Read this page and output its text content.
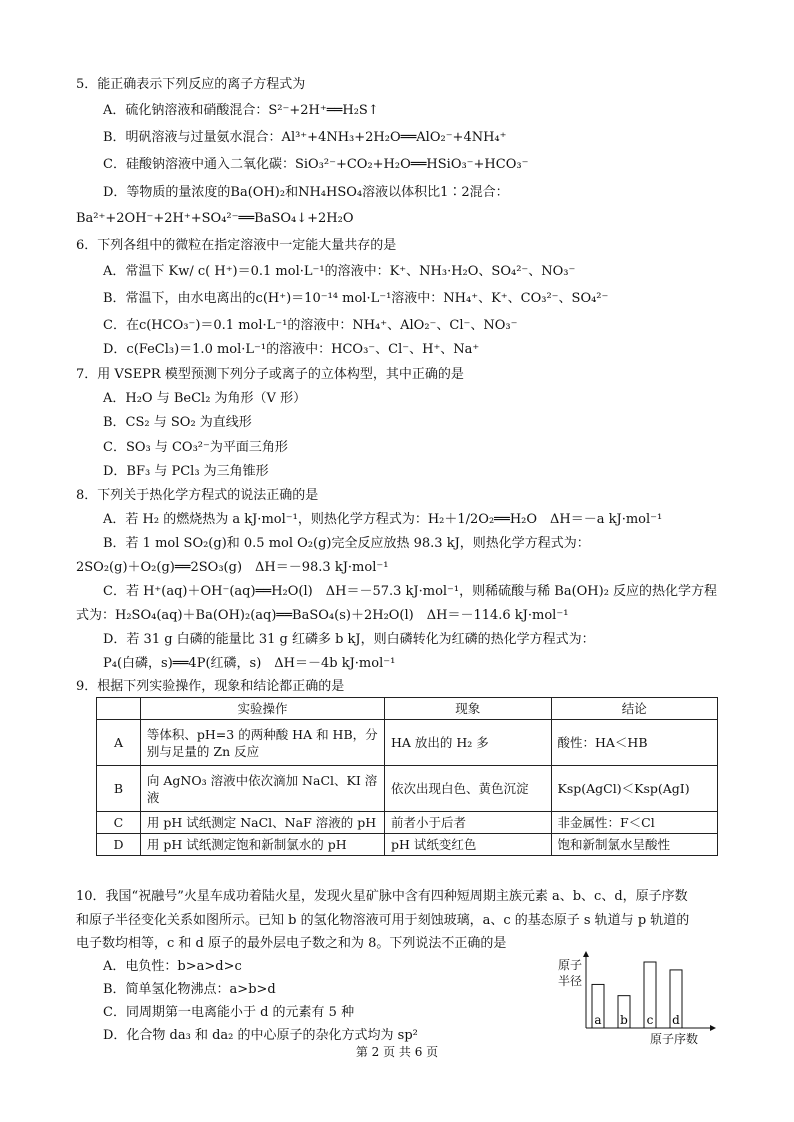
5．能正确表示下列反应的离子方程式为
A．硫化钠溶液和硝酸混合：S²⁻+2H⁺══H₂S↑
B．明矾溶液与过量氨水混合：Al³⁺+4NH₃+2H₂O══AlO₂⁻+4NH₄⁺
C．硅酸钠溶液中通入二氧化碳：SiO₃²⁻+CO₂+H₂O══HSiO₃⁻+HCO₃⁻
D．等物质的量浓度的Ba(OH)₂和NH₄HSO₄溶液以体积比1∶2混合：
Ba²⁺+2OH⁻+2H⁺+SO₄²⁻══BaSO₄↓+2H₂O
6．下列各组中的微粒在指定溶液中一定能大量共存的是
A．常温下 Kw/ c( H⁺)＝0.1 mol·L⁻¹的溶液中：K⁺、NH₃·H₂O、SO₄²⁻、NO₃⁻
B．常温下，由水电离出的c(H⁺)＝10⁻¹⁴ mol·L⁻¹溶液中：NH₄⁺、K⁺、CO₃²⁻、SO₄²⁻
C．在c(HCO₃⁻)＝0.1 mol·L⁻¹的溶液中：NH₄⁺、AlO₂⁻、Cl⁻、NO₃⁻
D．c(FeCl₃)＝1.0 mol·L⁻¹的溶液中：HCO₃⁻、Cl⁻、H⁺、Na⁺
7．用 VSEPR 模型预测下列分子或离子的立体构型，其中正确的是
A．H₂O 与 BeCl₂ 为角形（V 形）
B．CS₂ 与 SO₂ 为直线形
C．SO₃ 与 CO₃²⁻为平面三角形
D．BF₃ 与 PCl₃ 为三角锥形
8．下列关于热化学方程式的说法正确的是
A．若 H₂ 的燃烧热为 a kJ·mol⁻¹，则热化学方程式为：H₂＋1/2O₂══H₂O　ΔH＝－a kJ·mol⁻¹
B．若 1 mol SO₂(g)和 0.5 mol O₂(g)完全反应放热 98.3 kJ，则热化学方程式为：
2SO₂(g)＋O₂(g)══2SO₃(g)　ΔH＝－98.3 kJ·mol⁻¹
C．若 H⁺(aq)＋OH⁻(aq)══H₂O(l)　ΔH＝－57.3 kJ·mol⁻¹，则稀硫酸与稀 Ba(OH)₂ 反应的热化学方程
式为：H₂SO₄(aq)＋Ba(OH)₂(aq)══BaSO₄(s)＋2H₂O(l)　ΔH＝－114.6 kJ·mol⁻¹
D．若 31 g 白磷的能量比 31 g 红磷多 b kJ，则白磷转化为红磷的热化学方程式为：
P₄(白磷，s)══4P(红磷，s)　ΔH＝－4b kJ·mol⁻¹
9．根据下列实验操作，现象和结论都正确的是
	实验操作	现象	结论
A	等体积、pH=3 的两种酸 HA 和 HB，分别与足量的 Zn 反应	HA 放出的 H₂ 多	酸性：HA＜HB
B	向 AgNO₃ 溶液中依次滴加 NaCl、KI 溶液	依次出现白色、黄色沉淀	Ksp(AgCl)＜Ksp(AgI)
C	用 pH 试纸测定 NaCl、NaF 溶液的 pH	前者小于后者	非金属性：F＜Cl
D	用 pH 试纸测定饱和新制氯水的 pH	pH 试纸变红色	饱和新制氯水呈酸性
10．我国“祝融号”火星车成功着陆火星，发现火星矿脉中含有四种短周期主族元素 a、b、c、d，原子序数
和原子半径变化关系如图所示。已知 b 的氢化物溶液可用于刻蚀玻璃，a、c 的基态原子 s 轨道与 p 轨道的
电子数均相等，c 和 d 原子的最外层电子数之和为 8。下列说法不正确的是
A．电负性：b>a>d>c
B．简单氢化物沸点：a>b>d
C．同周期第一电离能小于 d 的元素有 5 种
D．化合物 da₃ 和 da₂ 的中心原子的杂化方式均为 sp²
a b c d
原子半径
原子序数
第 2 页 共 6 页
